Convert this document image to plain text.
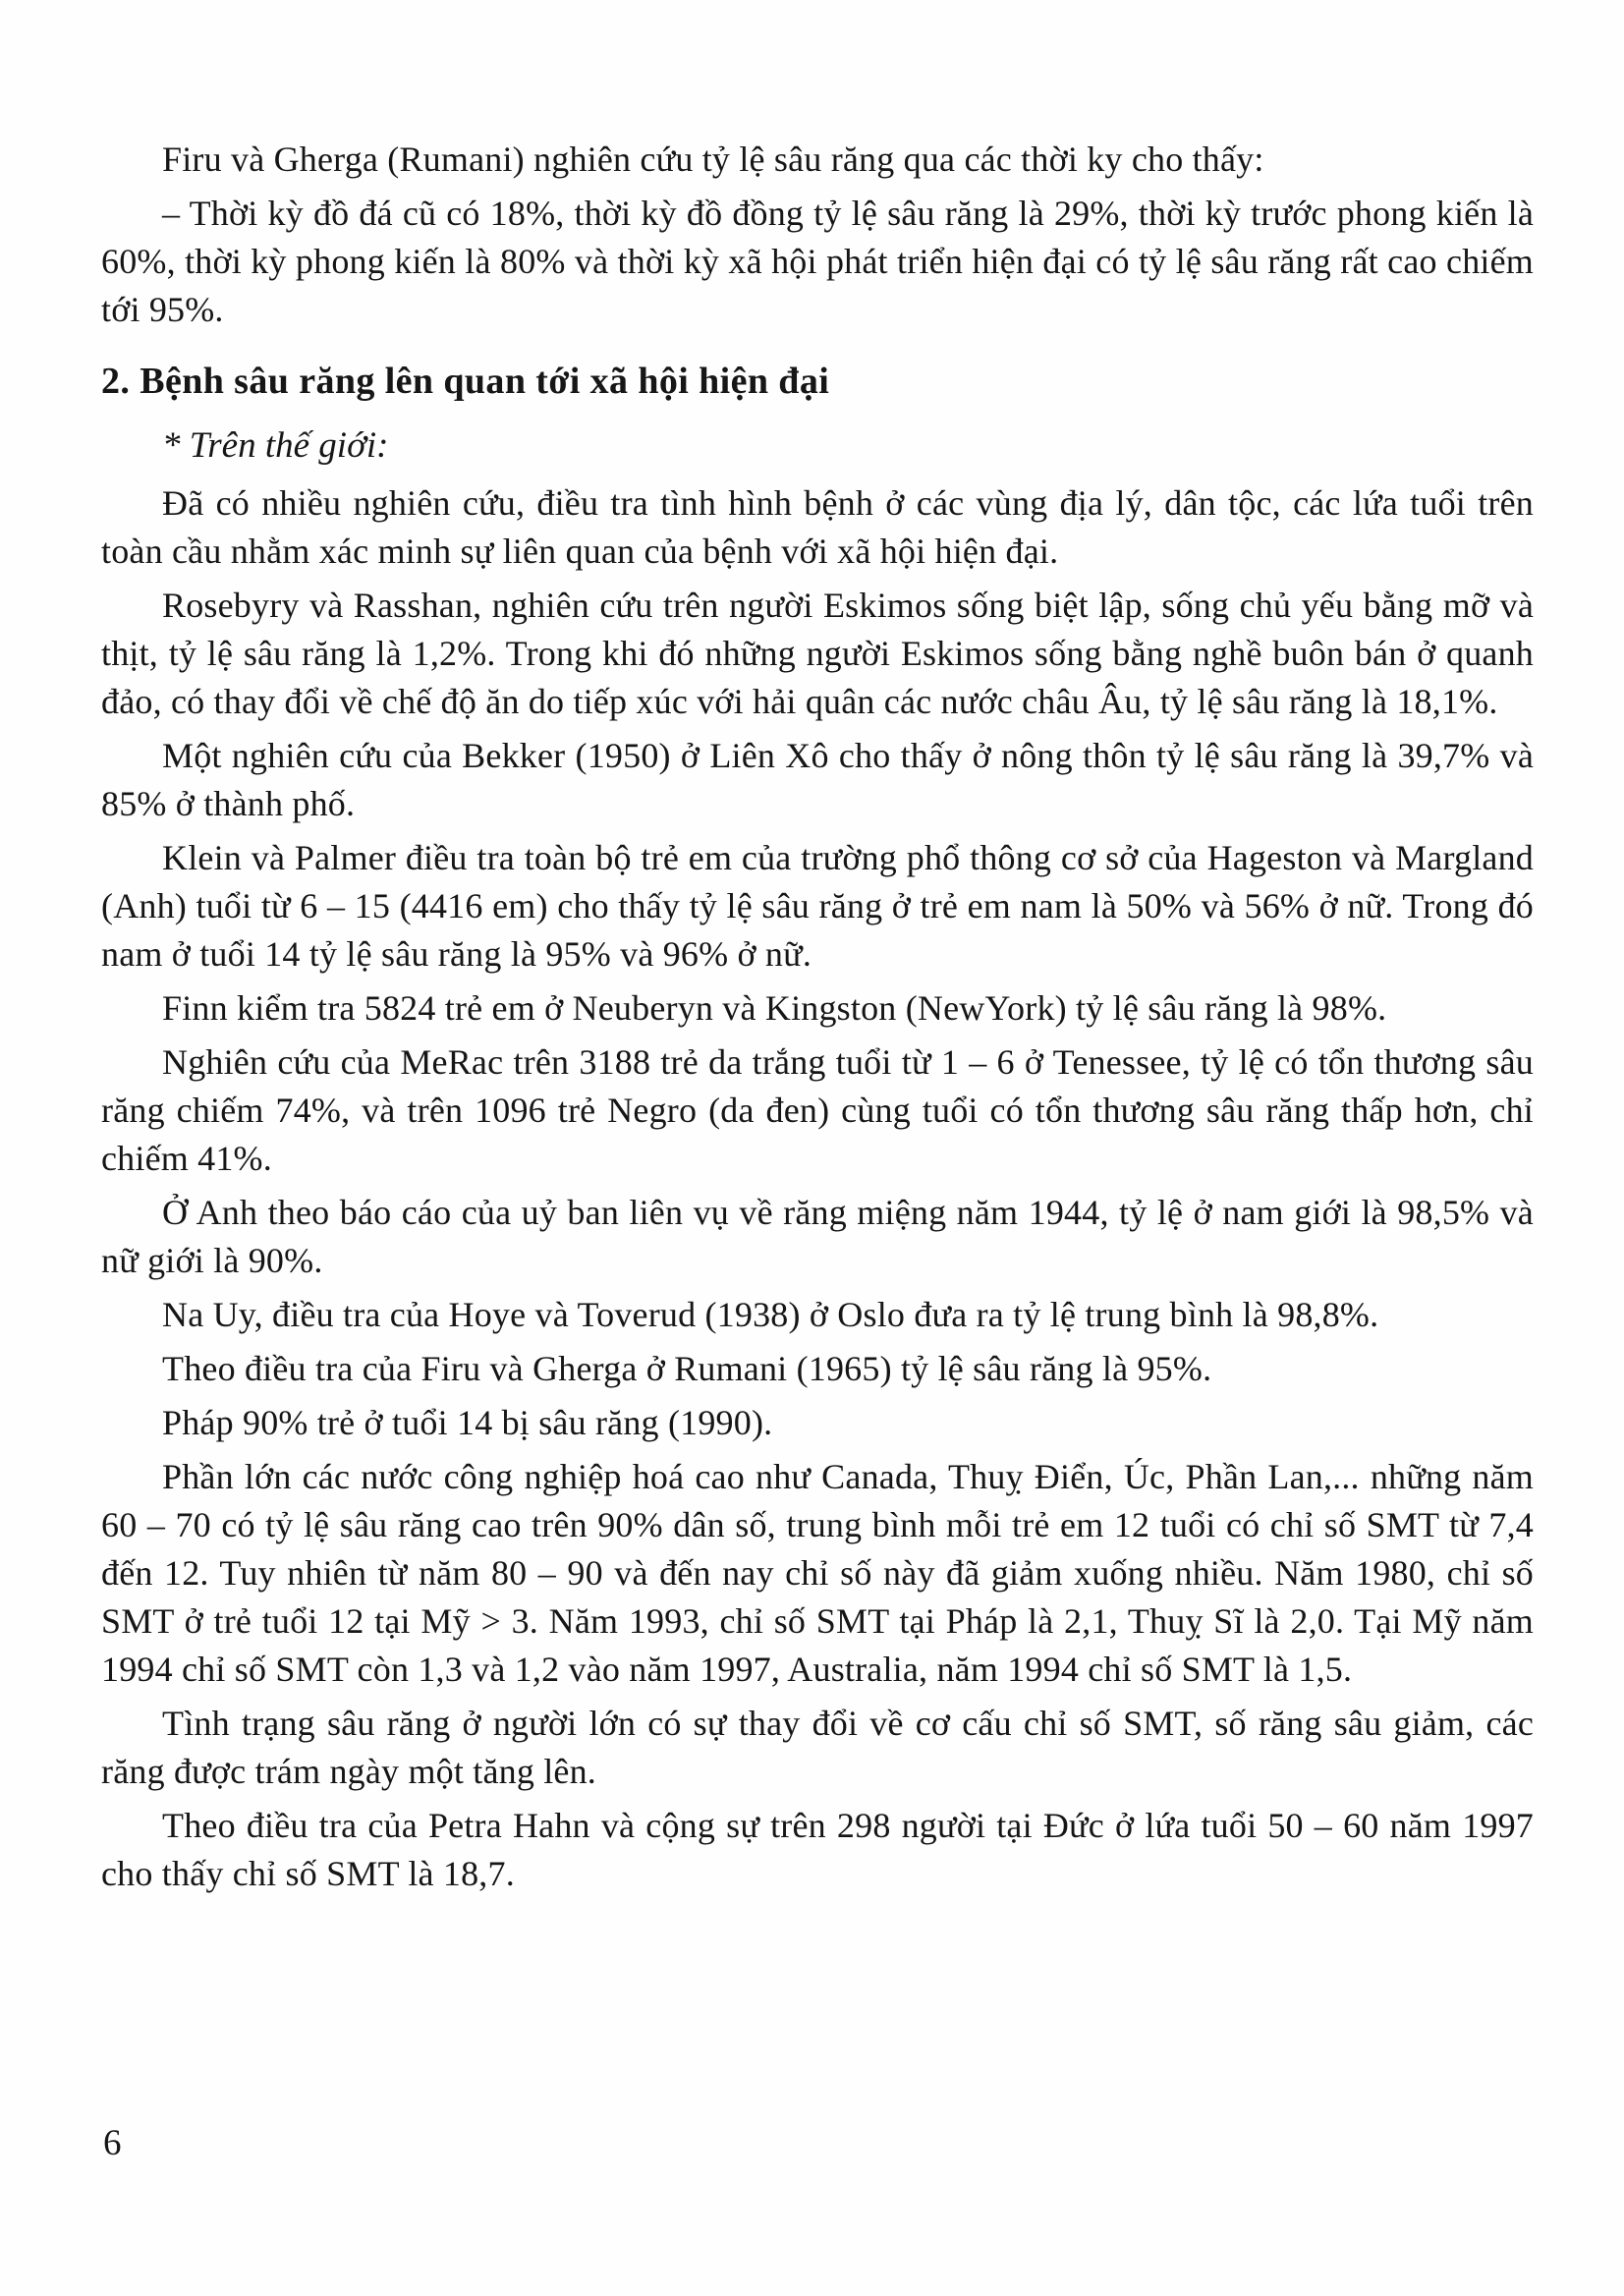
Firu và Gherga (Rumani) nghiên cứu tỷ lệ sâu răng qua các thời ky cho thấy:

– Thời kỳ đồ đá cũ có 18%, thời kỳ đồ đồng tỷ lệ sâu răng là 29%, thời kỳ trước phong kiến là 60%, thời kỳ phong kiến là 80% và thời kỳ xã hội phát triển hiện đại có tỷ lệ sâu răng rất cao chiếm tới 95%.

2. Bệnh sâu răng lên quan tới xã hội hiện đại

* Trên thế giới:

Đã có nhiều nghiên cứu, điều tra tình hình bệnh ở các vùng địa lý, dân tộc, các lứa tuổi trên toàn cầu nhằm xác minh sự liên quan của bệnh với xã hội hiện đại.

Rosebyry và Rasshan, nghiên cứu trên người Eskimos sống biệt lập, sống chủ yếu bằng mỡ và thịt, tỷ lệ sâu răng là 1,2%. Trong khi đó những người Eskimos sống bằng nghề buôn bán ở quanh đảo, có thay đổi về chế độ ăn do tiếp xúc với hải quân các nước châu Âu, tỷ lệ sâu răng là 18,1%.

Một nghiên cứu của Bekker (1950) ở Liên Xô cho thấy ở nông thôn tỷ lệ sâu răng là 39,7% và 85% ở thành phố.

Klein và Palmer điều tra toàn bộ trẻ em của trường phổ thông cơ sở của Hageston và Margland (Anh) tuổi từ 6 – 15 (4416 em) cho thấy tỷ lệ sâu răng ở trẻ em nam là 50% và 56% ở nữ. Trong đó nam ở tuổi 14 tỷ lệ sâu răng là 95% và 96% ở nữ.

Finn kiểm tra 5824 trẻ em ở Neuberyn và Kingston (NewYork) tỷ lệ sâu răng là 98%.

Nghiên cứu của MeRac trên 3188 trẻ da trắng tuổi từ 1 – 6 ở Tenessee, tỷ lệ có tổn thương sâu răng chiếm 74%, và trên 1096 trẻ Negro (da đen) cùng tuổi có tổn thương sâu răng thấp hơn, chỉ chiếm 41%.

Ở Anh theo báo cáo của uỷ ban liên vụ về răng miệng năm 1944, tỷ lệ ở nam giới là 98,5% và nữ giới là 90%.

Na Uy, điều tra của Hoye và Toverud (1938) ở Oslo đưa ra tỷ lệ trung bình là 98,8%.

Theo điều tra của Firu và Gherga ở Rumani (1965) tỷ lệ sâu răng là 95%.

Pháp 90% trẻ ở tuổi 14 bị sâu răng (1990).

Phần lớn các nước công nghiệp hoá cao như Canada, Thuỵ Điển, Úc, Phần Lan,... những năm 60 – 70 có tỷ lệ sâu răng cao trên 90% dân số, trung bình mỗi trẻ em 12 tuổi có chỉ số SMT từ 7,4 đến 12. Tuy nhiên từ năm 80 – 90 và đến nay chỉ số này đã giảm xuống nhiều. Năm 1980, chỉ số SMT ở trẻ tuổi 12 tại Mỹ > 3. Năm 1993, chỉ số SMT tại Pháp là 2,1, Thuỵ Sĩ là 2,0. Tại Mỹ năm 1994 chỉ số SMT còn 1,3 và 1,2 vào năm 1997, Australia, năm 1994 chỉ số SMT là 1,5.

Tình trạng sâu răng ở người lớn có sự thay đổi về cơ cấu chỉ số SMT, số răng sâu giảm, các răng được trám ngày một tăng lên.

Theo điều tra của Petra Hahn và cộng sự trên 298 người tại Đức ở lứa tuổi 50 – 60 năm 1997 cho thấy chỉ số SMT là 18,7.

6
